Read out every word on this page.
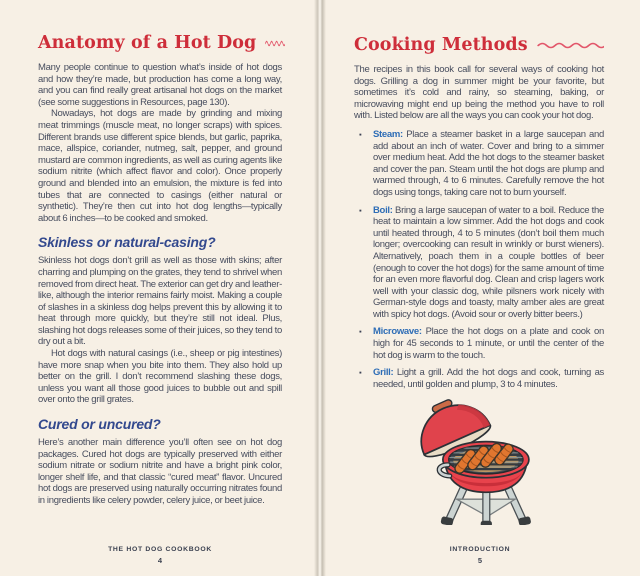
Anatomy of a Hot Dog

Many people continue to question what’s inside of hot dogs and how they’re made, but production has come a long way, and you can find really great artisanal hot dogs on the market (see some suggestions in Resources, page 130).

Nowadays, hot dogs are made by grinding and mixing meat trimmings (muscle meat, no longer scraps) with spices. Different brands use different spice blends, but garlic, paprika, mace, allspice, coriander, nutmeg, salt, pepper, and ground mustard are common ingredients, as well as curing agents like sodium nitrite (which affect flavor and color). Once properly ground and blended into an emulsion, the mixture is fed into tubes that are connected to casings (either natural or synthetic). They’re then cut into hot dog lengths—typically about 6 inches—to be cooked and smoked.

Skinless or natural-casing?

Skinless hot dogs don’t grill as well as those with skins; after charring and plumping on the grates, they tend to shrivel when removed from direct heat. The exterior can get dry and leather-like, although the interior remains fairly moist. Making a couple of slashes in a skinless dog helps prevent this by allowing it to heat through more quickly, but they’re still not ideal. Plus, slashing hot dogs releases some of their juices, so they tend to dry out a bit.

Hot dogs with natural casings (i.e., sheep or pig intestines) have more snap when you bite into them. They also hold up better on the grill. I don’t recommend slashing these dogs, unless you want all those good juices to bubble out and spill over onto the grill grates.

Cured or uncured?

Here’s another main difference you’ll often see on hot dog packages. Cured hot dogs are typically preserved with either sodium nitrate or sodium nitrite and have a bright pink color, longer shelf life, and that classic “cured meat” flavor. Uncured hot dogs are preserved using naturally occurring nitrates found in ingredients like celery powder, celery juice, or beet juice.

THE HOT DOG COOKBOOK
4
Cooking Methods

The recipes in this book call for several ways of cooking hot dogs. Grilling a dog in summer might be your favorite, but sometimes it’s cold and rainy, so steaming, baking, or microwaving might end up being the method you have to roll with. Listed below are all the ways you can cook your hot dog.

▪ Steam: Place a steamer basket in a large saucepan and add about an inch of water. Cover and bring to a simmer over medium heat. Add the hot dogs to the steamer basket and cover the pan. Steam until the hot dogs are plump and warmed through, 4 to 6 minutes. Carefully remove the hot dogs using tongs, taking care not to burn yourself.

▪ Boil: Bring a large saucepan of water to a boil. Reduce the heat to maintain a low simmer. Add the hot dogs and cook until heated through, 4 to 5 minutes (don’t boil them much longer; overcooking can result in wrinkly or burst wieners). Alternatively, poach them in a couple bottles of beer (enough to cover the hot dogs) for the same amount of time for an even more flavorful dog. Clean and crisp lagers work well with your classic dog, while pilsners work nicely with German-style dogs and toasty, malty amber ales are great with spicy hot dogs. (Avoid sour or overly bitter beers.)

▪ Microwave: Place the hot dogs on a plate and cook on high for 45 seconds to 1 minute, or until the center of the hot dog is warm to the touch.

▪ Grill: Light a grill. Add the hot dogs and cook, turning as needed, until golden and plump, 3 to 4 minutes.

INTRODUCTION
5
